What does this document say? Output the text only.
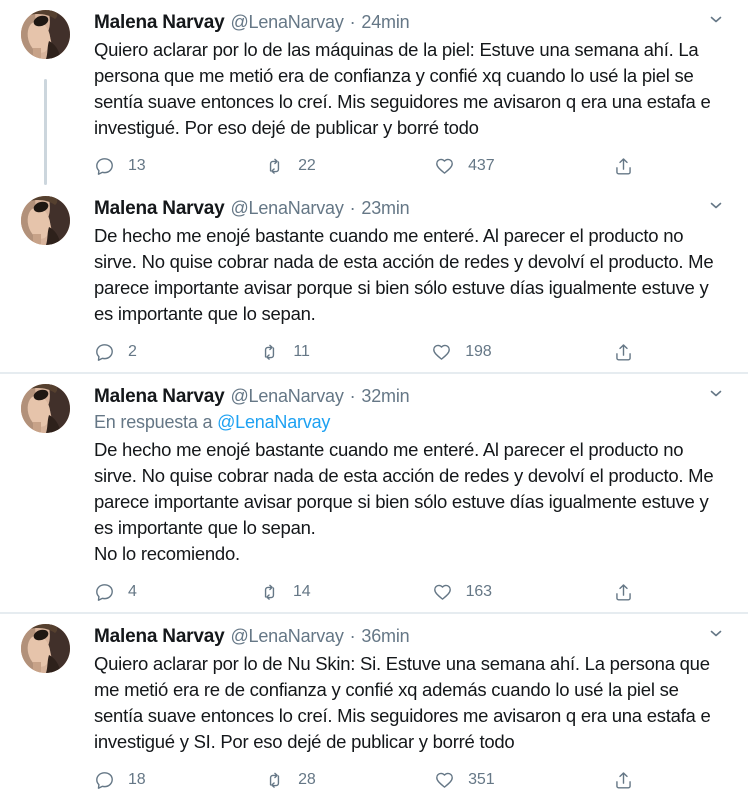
Malena Narvay @LenaNarvay · 24min
Quiero aclarar por lo de las máquinas de la piel: Estuve una semana ahí. La persona que me metió era de confianza y confié xq cuando lo usé la piel se sentía suave entonces lo creí. Mis seguidores me avisaron q era una estafa e investigué. Por eso dejé de publicar y borré todo
13	22	437
Malena Narvay @LenaNarvay · 23min
De hecho me enojé bastante cuando me enteré. Al parecer el producto no sirve. No quise cobrar nada de esta acción de redes y devolví el producto. Me parece importante avisar porque si bien sólo estuve días igualmente estuve y es importante que lo sepan.
2	11	198
Malena Narvay @LenaNarvay · 32min
En respuesta a @LenaNarvay
De hecho me enojé bastante cuando me enteré. Al parecer el producto no sirve. No quise cobrar nada de esta acción de redes y devolví el producto. Me parece importante avisar porque si bien sólo estuve días igualmente estuve y es importante que lo sepan.
No lo recomiendo.
4	14	163
Malena Narvay @LenaNarvay · 36min
Quiero aclarar por lo de Nu Skin: Si. Estuve una semana ahí. La persona que me metió era re de confianza y confié xq además cuando lo usé la piel se sentía suave entonces lo creí. Mis seguidores me avisaron q era una estafa e investigué y SI. Por eso dejé de publicar y borré todo
18	28	351
